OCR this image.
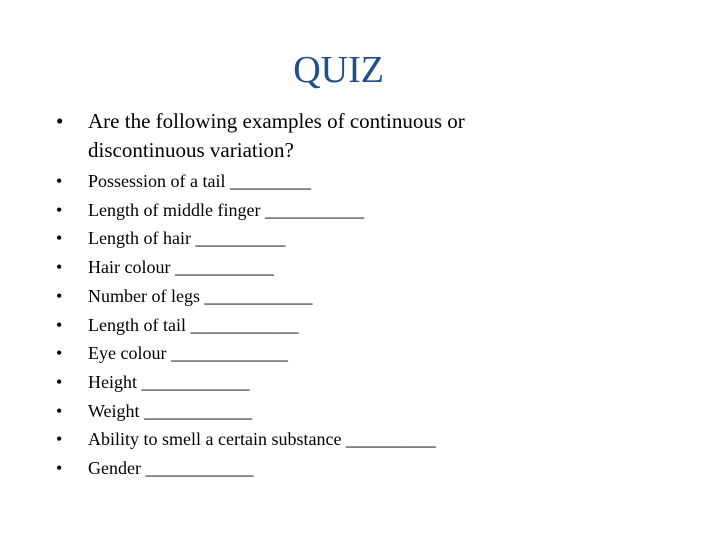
QUIZ
•	Are the following examples of continuous or
discontinuous variation?
•	Possession of a tail _________
•	Length of middle finger ___________
•	Length of hair __________
•	Hair colour ___________
•	Number of legs ____________
•	Length of tail ____________
•	Eye colour _____________
•	Height ____________
•	Weight ____________
•	Ability to smell a certain substance __________
•	Gender ____________
